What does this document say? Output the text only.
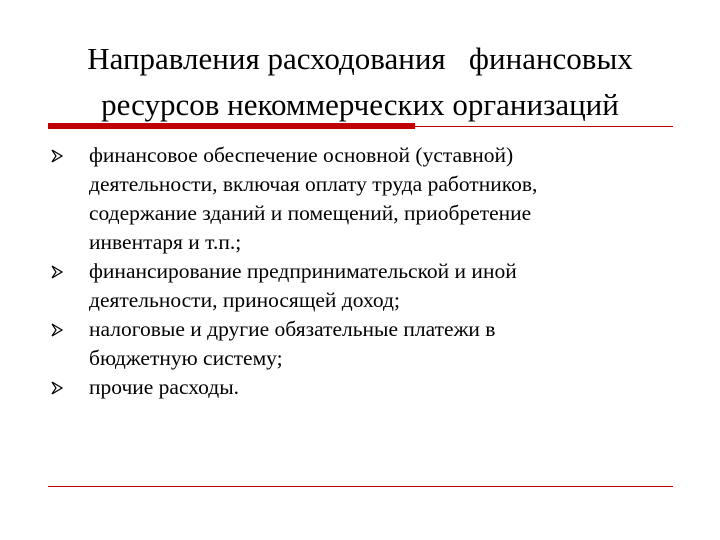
Направления расходования   финансовых
ресурсов некоммерческих организаций
финансовое обеспечение основной (уставной)
деятельности, включая оплату труда работников,
содержание зданий и помещений, приобретение
инвентаря и т.п.;
финансирование предпринимательской и иной
деятельности, приносящей доход;
налоговые и другие обязательные платежи в
бюджетную систему;
прочие расходы.
